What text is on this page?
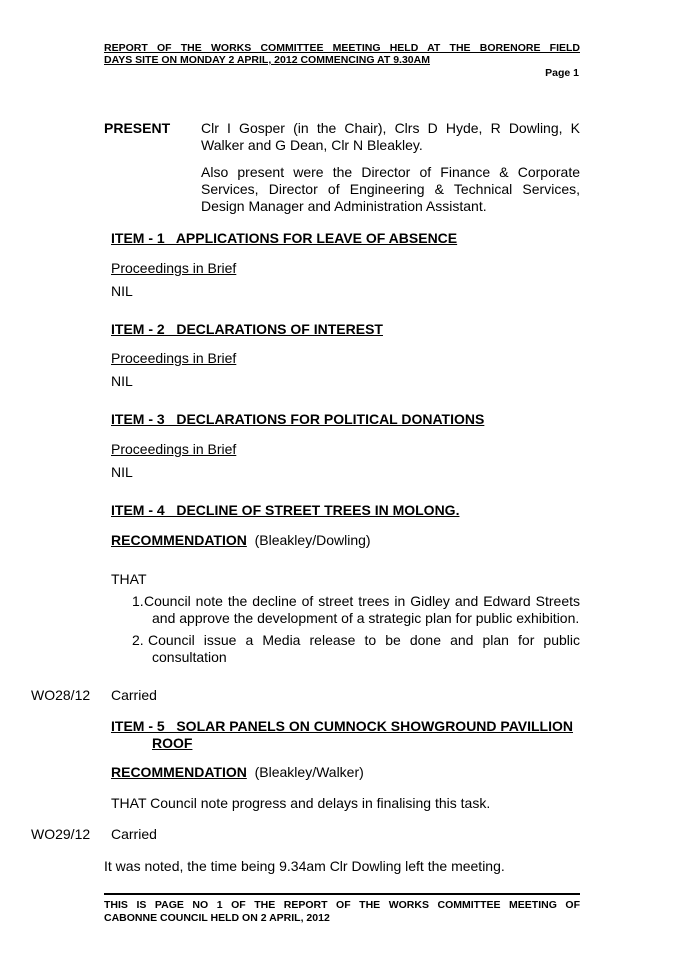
REPORT OF THE WORKS COMMITTEE MEETING HELD AT THE BORENORE FIELD
DAYS SITE ON MONDAY 2 APRIL, 2012 COMMENCING AT 9.30AM
Page 1
PRESENT Clr I Gosper (in the Chair), Clrs D Hyde, R Dowling, K Walker and G Dean, Clr N Bleakley.
Also present were the Director of Finance & Corporate Services, Director of Engineering & Technical Services, Design Manager and Administration Assistant.
ITEM - 1   APPLICATIONS FOR LEAVE OF ABSENCE
Proceedings in Brief
NIL
ITEM - 2   DECLARATIONS OF INTEREST
Proceedings in Brief
NIL
ITEM - 3   DECLARATIONS FOR POLITICAL DONATIONS
Proceedings in Brief
NIL
ITEM - 4   DECLINE OF STREET TREES IN MOLONG.
RECOMMENDATION (Bleakley/Dowling)
THAT
1. Council note the decline of street trees in Gidley and Edward Streets
and approve the development of a strategic plan for public exhibition.
2. Council issue a Media release to be done and plan for public
consultation
WO28/12 Carried
ITEM - 5   SOLAR PANELS ON CUMNOCK SHOWGROUND PAVILLION
ROOF
RECOMMENDATION (Bleakley/Walker)
THAT Council note progress and delays in finalising this task.
WO29/12 Carried
It was noted, the time being 9.34am Clr Dowling left the meeting.
THIS IS PAGE NO 1 OF THE REPORT OF THE WORKS COMMITTEE MEETING OF
CABONNE COUNCIL HELD ON 2 APRIL, 2012
